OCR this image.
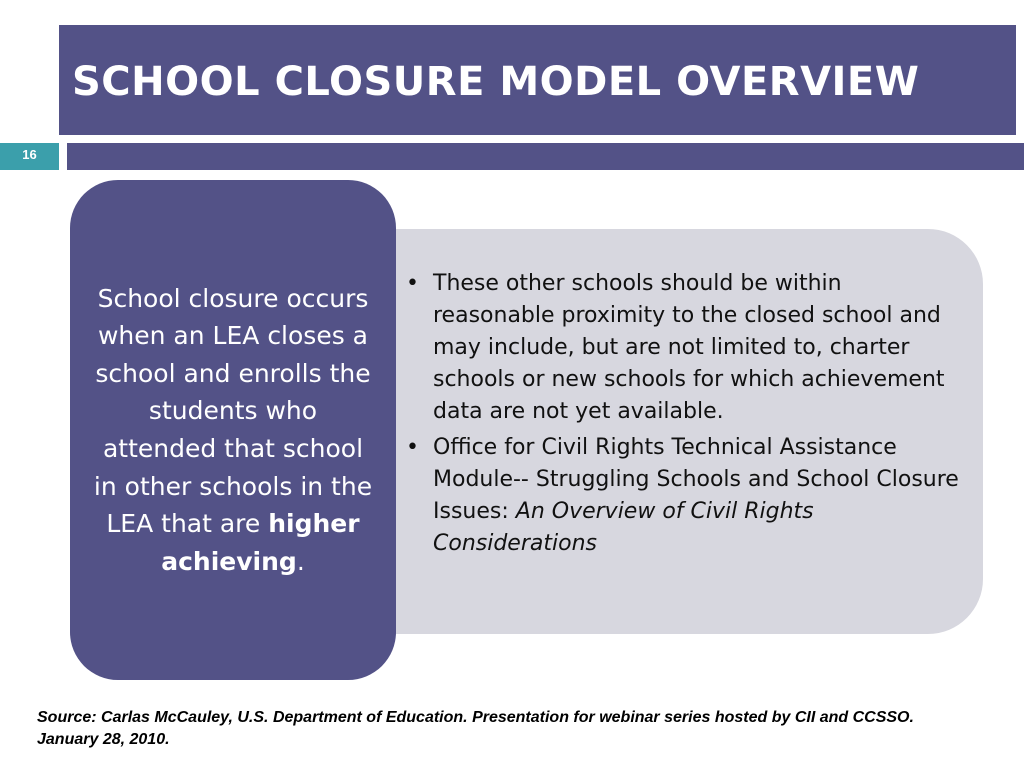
SCHOOL CLOSURE MODEL OVERVIEW
16
• These other schools should be within reasonable proximity to the closed school and may include, but are not limited to, charter schools or new schools for which achievement data are not yet available.
• Office for Civil Rights Technical Assistance Module-- Struggling Schools and School Closure Issues: An Overview of Civil Rights Considerations

School closure occurs when an LEA closes a school and enrolls the students who attended that school in other schools in the LEA that are higher achieving.

Source: Carlas McCauley, U.S. Department of Education. Presentation for webinar series hosted by CII and CCSSO. January 28, 2010.
